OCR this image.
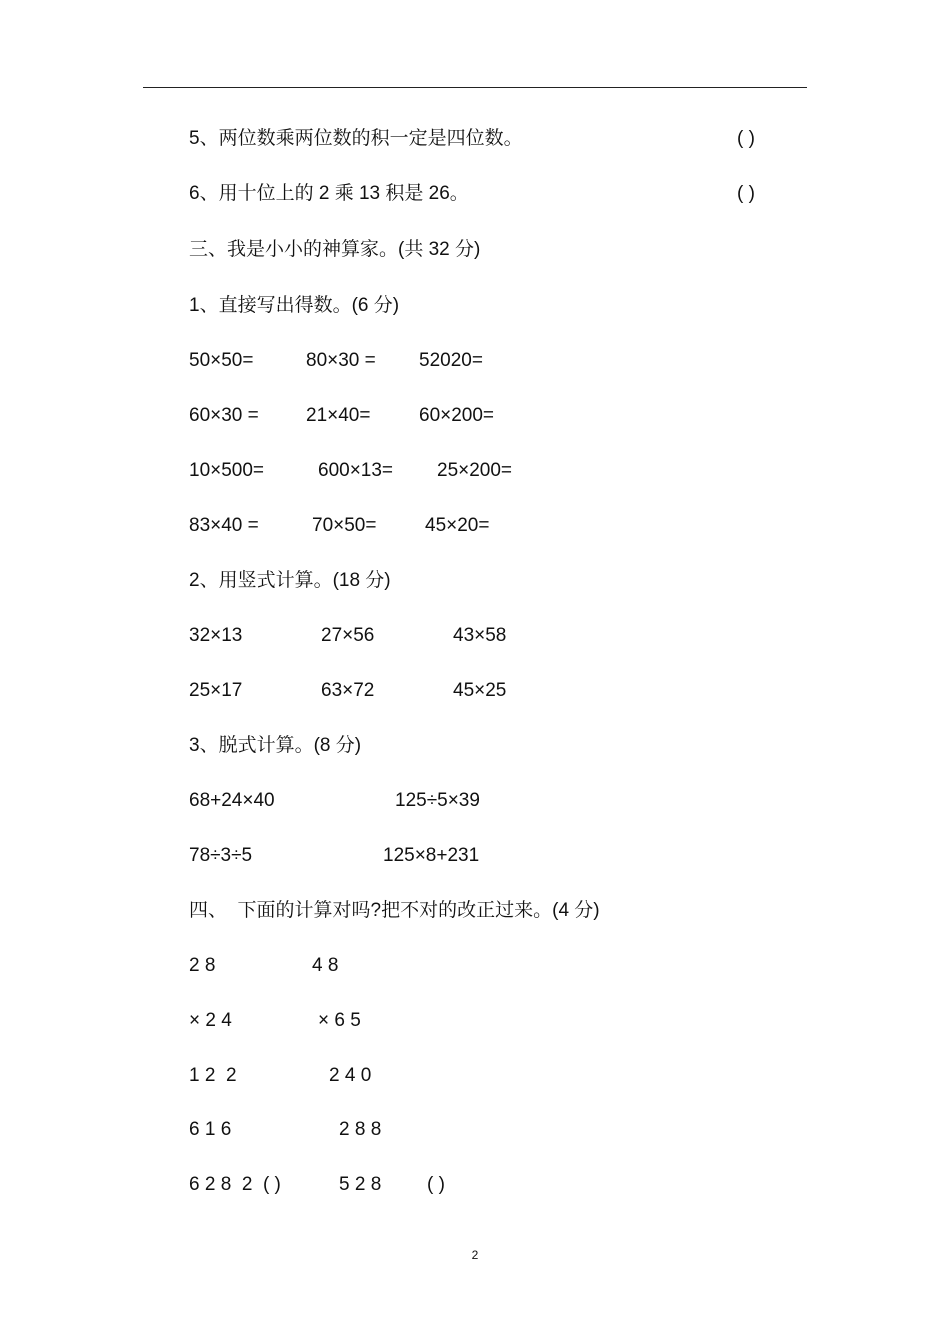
5、两位数乘两位数的积一定是四位数。	( )
6、用十位上的 2 乘 13 积是 26。	( )
三、我是小小的神算家。(共 32 分)
1、直接写出得数。(6 分)
50×50=	80×30 = 52020=
60×30 = 21×40=	60×200=
10×500=	600×13= 25×200=
83×40 =	70×50=	45×20=
2、用竖式计算。(18 分)
32×13	27×56	43×58
25×17	63×72	45×25
3、脱式计算。(8 分)
68+24×40	125÷5×39
78÷3÷5	125×8+231
四、  下面的计算对吗?把不对的改正过来。(4 分)
2 8	4 8
× 2 4	× 6 5
1 2  2	2 4 0
6 1 6	2 8 8
6 2 8  2  ( )	5 2 8 ( )
2
